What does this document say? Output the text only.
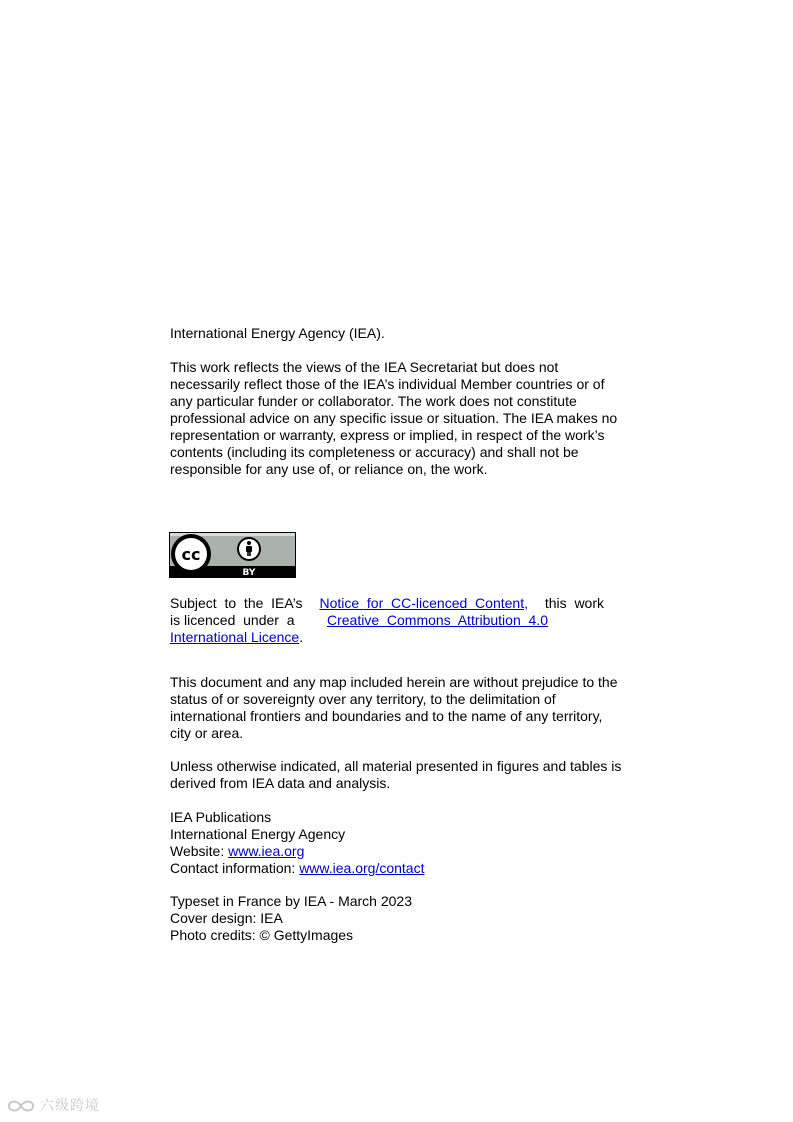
International Energy Agency (IEA).

This work reflects the views of the IEA Secretariat but does not
necessarily reflect those of the IEA’s individual Member countries or of
any particular funder or collaborator. The work does not constitute
professional advice on any specific issue or situation. The IEA makes no
representation or warranty, express or implied, in respect of the work’s
contents (including its completeness or accuracy) and shall not be
responsible for any use of, or reliance on, the work.
cc
BY
Subject  to  the  IEA’s Notice  for  CC-licenced  Content, this  work
is licenced  under  a Creative  Commons  Attribution  4.0
International Licence.
This document and any map included herein are without prejudice to the
status of or sovereignty over any territory, to the delimitation of
international frontiers and boundaries and to the name of any territory,
city or area.
Unless otherwise indicated, all material presented in figures and tables is
derived from IEA data and analysis.
IEA Publications
International Energy Agency
Website: www.iea.org
Contact information: www.iea.org/contact
Typeset in France by IEA - March 2023
Cover design: IEA
Photo credits: © GettyImages
六级跨境
